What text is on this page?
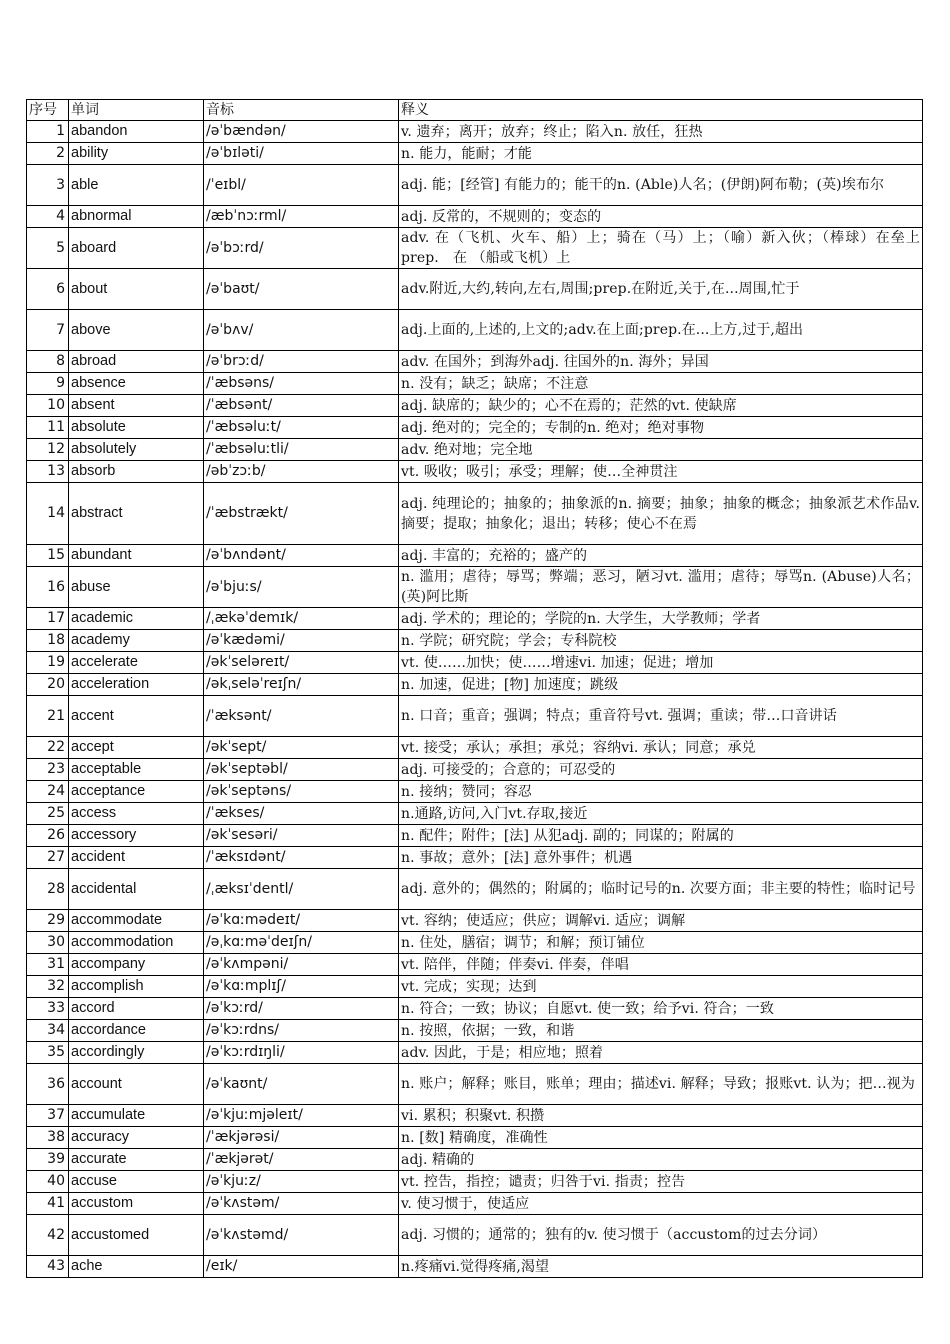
序号	单词	音标	释义
1	abandon	/əˈbændən/	v. 遗弃；离开；放弃；终止；陷入n. 放任，狂热
2	ability	/əˈbɪləti/	n. 能力，能耐；才能
3	able	/ˈeɪbl/	adj. 能；[经管] 有能力的；能干的n. (Able)人名；(伊朗)阿布勒；(英)埃布尔
4	abnormal	/æbˈnɔːrml/	adj. 反常的，不规则的；变态的
5	aboard	/əˈbɔːrd/	adv. 在（飞机、火车、船）上；骑在（马）上；（喻）新入伙；（棒球）在垒上prep.　在 （船或飞机）上
6	about	/əˈbaʊt/	adv.附近,大约,转向,左右,周围;prep.在附近,关于,在...周围,忙于
7	above	/əˈbʌv/	adj.上面的,上述的,上文的;adv.在上面;prep.在...上方,过于,超出
8	abroad	/əˈbrɔːd/	adv. 在国外；到海外adj. 往国外的n. 海外；异国
9	absence	/ˈæbsəns/	n. 没有；缺乏；缺席；不注意
10	absent	/ˈæbsənt/	adj. 缺席的；缺少的；心不在焉的；茫然的vt. 使缺席
11	absolute	/ˈæbsəluːt/	adj. 绝对的；完全的；专制的n. 绝对；绝对事物
12	absolutely	/ˈæbsəluːtli/	adv. 绝对地；完全地
13	absorb	/əbˈzɔːb/	vt. 吸收；吸引；承受；理解；使…全神贯注
14	abstract	/ˈæbstrækt/	adj. 纯理论的；抽象的；抽象派的n. 摘要；抽象；抽象的概念；抽象派艺术作品v. 摘要；提取；抽象化；退出；转移；使心不在焉
15	abundant	/əˈbʌndənt/	adj. 丰富的；充裕的；盛产的
16	abuse	/əˈbjuːs/	n. 滥用；虐待；辱骂；弊端；恶习，陋习vt. 滥用；虐待；辱骂n. (Abuse)人名；(英)阿比斯
17	academic	/ˌækəˈdemɪk/	adj. 学术的；理论的；学院的n. 大学生，大学教师；学者
18	academy	/əˈkædəmi/	n. 学院；研究院；学会；专科院校
19	accelerate	/əkˈseləreɪt/	vt. 使……加快；使……增速vi. 加速；促进；增加
20	acceleration	/əkˌseləˈreɪʃn/	n. 加速，促进；[物] 加速度；跳级
21	accent	/ˈæksənt/	n. 口音；重音；强调；特点；重音符号vt. 强调；重读；带…口音讲话
22	accept	/əkˈsept/	vt. 接受；承认；承担；承兑；容纳vi. 承认；同意；承兑
23	acceptable	/əkˈseptəbl/	adj. 可接受的；合意的；可忍受的
24	acceptance	/əkˈseptəns/	n. 接纳；赞同；容忍
25	access	/ˈækses/	n.通路,访问,入门vt.存取,接近
26	accessory	/əkˈsesəri/	n. 配件；附件；[法] 从犯adj. 副的；同谋的；附属的
27	accident	/ˈæksɪdənt/	n. 事故；意外；[法] 意外事件；机遇
28	accidental	/ˌæksɪˈdentl/	adj. 意外的；偶然的；附属的；临时记号的n. 次要方面；非主要的特性；临时记号
29	accommodate	/əˈkɑːmədeɪt/	vt. 容纳；使适应；供应；调解vi. 适应；调解
30	accommodation	/əˌkɑːməˈdeɪʃn/	n. 住处，膳宿；调节；和解；预订铺位
31	accompany	/əˈkʌmpəni/	vt. 陪伴，伴随；伴奏vi. 伴奏，伴唱
32	accomplish	/əˈkɑːmplɪʃ/	vt. 完成；实现；达到
33	accord	/əˈkɔːrd/	n. 符合；一致；协议；自愿vt. 使一致；给予vi. 符合；一致
34	accordance	/əˈkɔːrdns/	n. 按照，依据；一致，和谐
35	accordingly	/əˈkɔːrdɪŋli/	adv. 因此，于是；相应地；照着
36	account	/əˈkaʊnt/	n. 账户；解释；账目，账单；理由；描述vi. 解释；导致；报账vt. 认为；把…视为
37	accumulate	/əˈkjuːmjəleɪt/	vi. 累积；积聚vt. 积攒
38	accuracy	/ˈækjərəsi/	n. [数] 精确度，准确性
39	accurate	/ˈækjərət/	adj. 精确的
40	accuse	/əˈkjuːz/	vt. 控告，指控；谴责；归咎于vi. 指责；控告
41	accustom	/əˈkʌstəm/	v. 使习惯于，使适应
42	accustomed	/əˈkʌstəmd/	adj. 习惯的；通常的；独有的v. 使习惯于（accustom的过去分词）
43	ache	/eɪk/	n.疼痛vi.觉得疼痛,渴望
